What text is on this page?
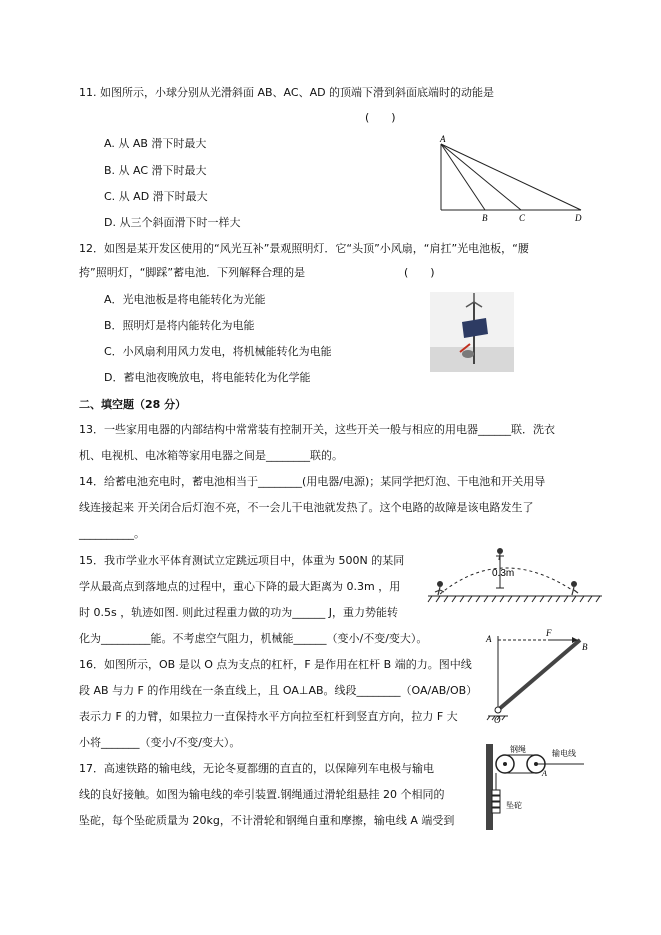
11. 如图所示，小球分别从光滑斜面 AB、AC、AD 的顶端下滑到斜面底端时的动能是
(　　)
A. 从 AB 滑下时最大
B. 从 AC 滑下时最大
C. 从 AD 滑下时最大
D. 从三个斜面滑下时一样大
A
B	C	D
12．如图是某开发区使用的“风光互补”景观照明灯．它“头顶”小风扇，“肩扛”光电池板，“腰
挎”照明灯，“脚踩”蓄电池．下列解释合理的是	(　　)
A．光电池板是将电能转化为光能
B．照明灯是将内能转化为电能
C．小风扇利用风力发电，将机械能转化为电能
D．蓄电池夜晚放电，将电能转化为化学能
二、填空题（28 分）
13．一些家用电器的内部结构中常常装有控制开关，这些开关一般与相应的用电器______联．洗衣
机、电视机、电冰箱等家用电器之间是________联的。
14．给蓄电池充电时，蓄电池相当于________(用电器/电源)；某同学把灯泡、干电池和开关用导
线连接起来 开关闭合后灯泡不亮，不一会儿干电池就发热了。这个电路的故障是该电路发生了
__________。
15．我市学业水平体育测试立定跳远项目中，体重为 500N 的某同
学从最高点到落地点的过程中，重心下降的最大距离为 0.3m ，用
时 0.5s ，轨迹如图. 则此过程重力做的功为______ J，重力势能转
化为_________能。不考虑空气阻力，机械能______（变小/不变/变大）。
0.3m
16．如图所示，OB 是以 O 点为支点的杠杆，F 是作用在杠杆 B 端的力。图中线
段 AB 与力 F 的作用线在一条直线上，且 OA⊥AB。线段________（OA/AB/OB）
表示力 F 的力臂，如果拉力一直保持水平方向拉至杠杆到竖直方向，拉力 F 大
小将_______（变小/不变/变大）。
A
F
B
O
17．高速铁路的输电线，无论冬夏都绷的直直的，以保障列车电极与输电
线的良好接触。如图为输电线的牵引装置.钢绳通过滑轮组悬挂 20 个相同的
坠砣，每个坠砣质量为 20kg，不计滑轮和钢绳自重和摩擦，输电线 A 端受到
钢绳	输电线
坠砣
A
